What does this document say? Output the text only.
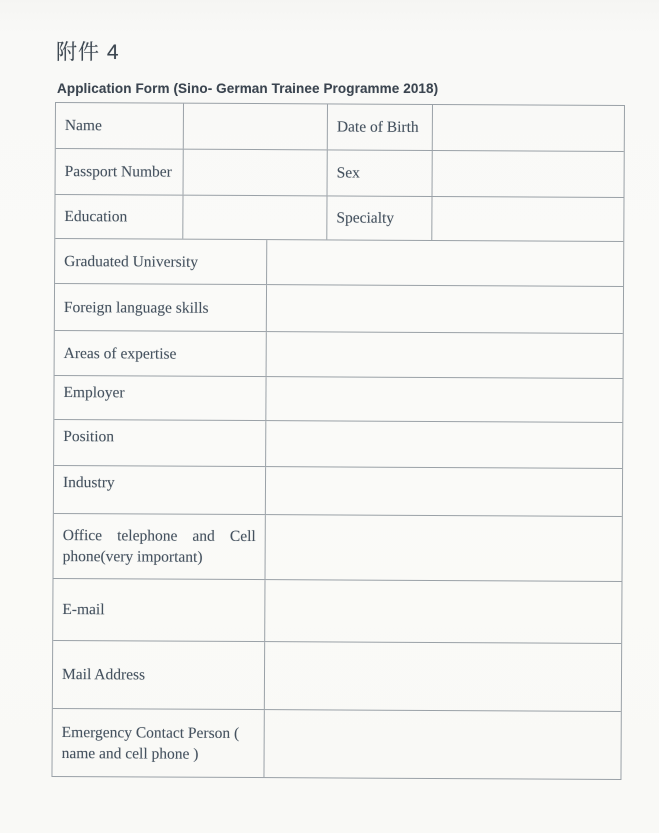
附件 4
Application Form (Sino- German Trainee Programme 2018)
Name	Date of Birth
Passport Number	Sex
Education	Specialty
Graduated University
Foreign language skills
Areas of expertise
Employer
Position
Industry
Office telephone and Cell phone(very important)
E-mail
Mail Address
Emergency Contact Person ( name and cell phone )
